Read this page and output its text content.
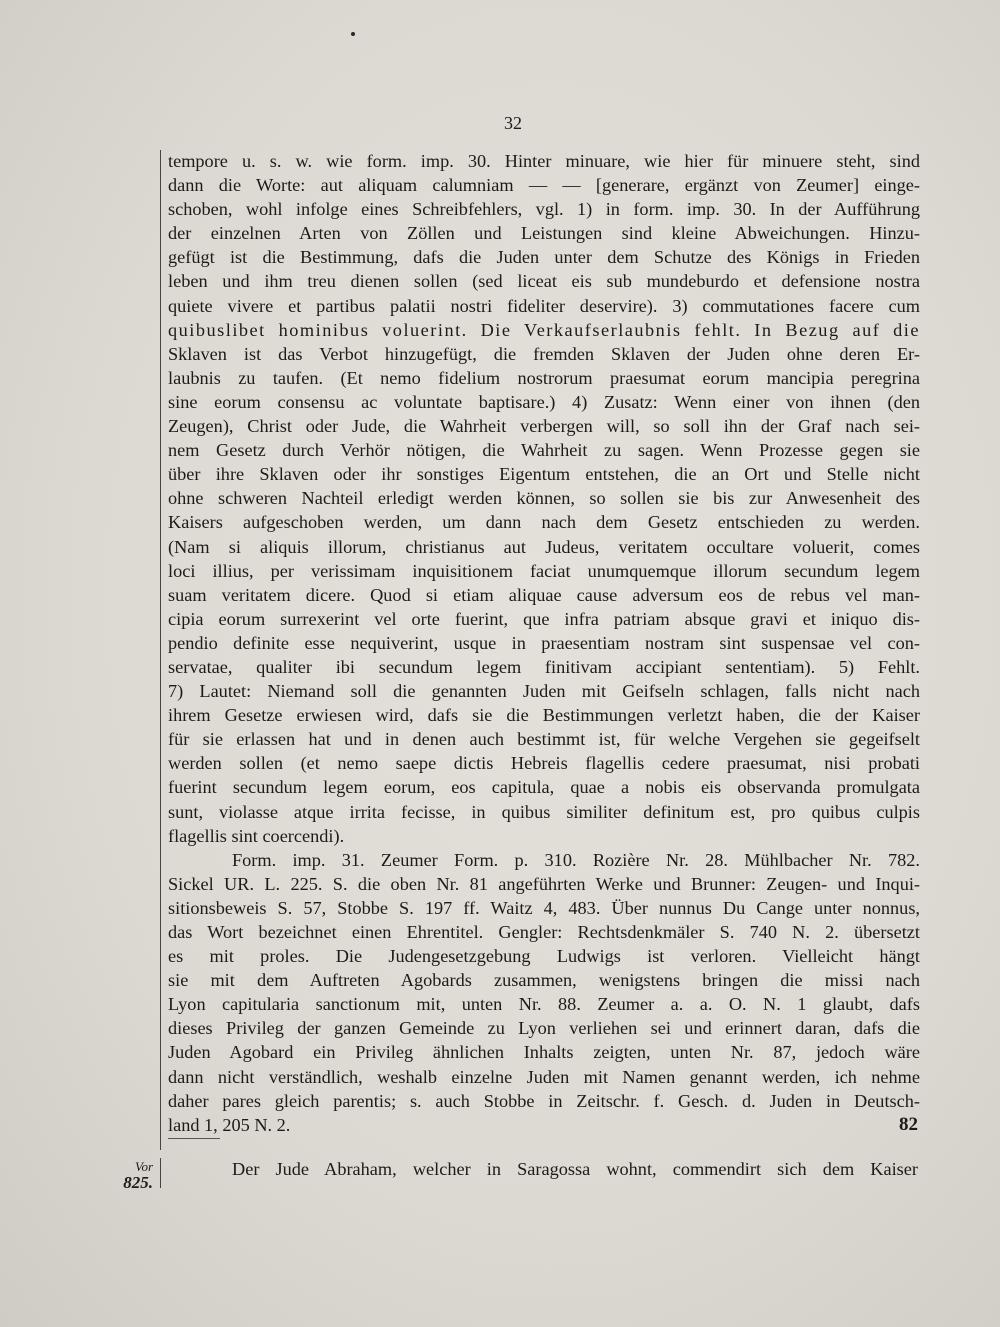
32
tempore u. s. w. wie form. imp. 30. Hinter minuare, wie hier für minuere steht, sind
dann die Worte: aut aliquam calumniam — — [generare, ergänzt von Zeumer] einge-
schoben, wohl infolge eines Schreibfehlers, vgl. 1) in form. imp. 30. In der Aufführung
der einzelnen Arten von Zöllen und Leistungen sind kleine Abweichungen. Hinzu-
gefügt ist die Bestimmung, dafs die Juden unter dem Schutze des Königs in Frieden
leben und ihm treu dienen sollen (sed liceat eis sub mundeburdo et defensione nostra
quiete vivere et partibus palatii nostri fideliter deservire). 3) commutationes facere cum
quibuslibet hominibus voluerint. Die Verkaufserlaubnis fehlt. In Bezug auf die
Sklaven ist das Verbot hinzugefügt, die fremden Sklaven der Juden ohne deren Er-
laubnis zu taufen. (Et nemo fidelium nostrorum praesumat eorum mancipia peregrina
sine eorum consensu ac voluntate baptisare.) 4) Zusatz: Wenn einer von ihnen (den
Zeugen), Christ oder Jude, die Wahrheit verbergen will, so soll ihn der Graf nach sei-
nem Gesetz durch Verhör nötigen, die Wahrheit zu sagen. Wenn Prozesse gegen sie
über ihre Sklaven oder ihr sonstiges Eigentum entstehen, die an Ort und Stelle nicht
ohne schweren Nachteil erledigt werden können, so sollen sie bis zur Anwesenheit des
Kaisers aufgeschoben werden, um dann nach dem Gesetz entschieden zu werden.
(Nam si aliquis illorum, christianus aut Judeus, veritatem occultare voluerit, comes
loci illius, per verissimam inquisitionem faciat unumquemque illorum secundum legem
suam veritatem dicere. Quod si etiam aliquae cause adversum eos de rebus vel man-
cipia eorum surrexerint vel orte fuerint, que infra patriam absque gravi et iniquo dis-
pendio definite esse nequiverint, usque in praesentiam nostram sint suspensae vel con-
servatae, qualiter ibi secundum legem finitivam accipiant sententiam). 5) Fehlt.
7) Lautet: Niemand soll die genannten Juden mit Geifseln schlagen, falls nicht nach
ihrem Gesetze erwiesen wird, dafs sie die Bestimmungen verletzt haben, die der Kaiser
für sie erlassen hat und in denen auch bestimmt ist, für welche Vergehen sie gegeifselt
werden sollen (et nemo saepe dictis Hebreis flagellis cedere praesumat, nisi probati
fuerint secundum legem eorum, eos capitula, quae a nobis eis observanda promulgata
sunt, violasse atque irrita fecisse, in quibus similiter definitum est, pro quibus culpis
flagellis sint coercendi).
Form. imp. 31. Zeumer Form. p. 310. Rozière Nr. 28. Mühlbacher Nr. 782.
Sickel UR. L. 225. S. die oben Nr. 81 angeführten Werke und Brunner: Zeugen- und Inqui-
sitionsbeweis S. 57, Stobbe S. 197 ff. Waitz 4, 483. Über nunnus Du Cange unter nonnus,
das Wort bezeichnet einen Ehrentitel. Gengler: Rechtsdenkmäler S. 740 N. 2. übersetzt
es mit proles. Die Judengesetzgebung Ludwigs ist verloren. Vielleicht hängt
sie mit dem Auftreten Agobards zusammen, wenigstens bringen die missi nach
Lyon capitularia sanctionum mit, unten Nr. 88. Zeumer a. a. O. N. 1 glaubt, dafs
dieses Privileg der ganzen Gemeinde zu Lyon verliehen sei und erinnert daran, dafs die
Juden Agobard ein Privileg ähnlichen Inhalts zeigten, unten Nr. 87, jedoch wäre
dann nicht verständlich, weshalb einzelne Juden mit Namen genannt werden, ich nehme
daher pares gleich parentis; s. auch Stobbe in Zeitschr. f. Gesch. d. Juden in Deutsch-
land 1, 205 N. 2.	82
Vor
825.
Der Jude Abraham, welcher in Saragossa wohnt, commendirt sich dem Kaiser
